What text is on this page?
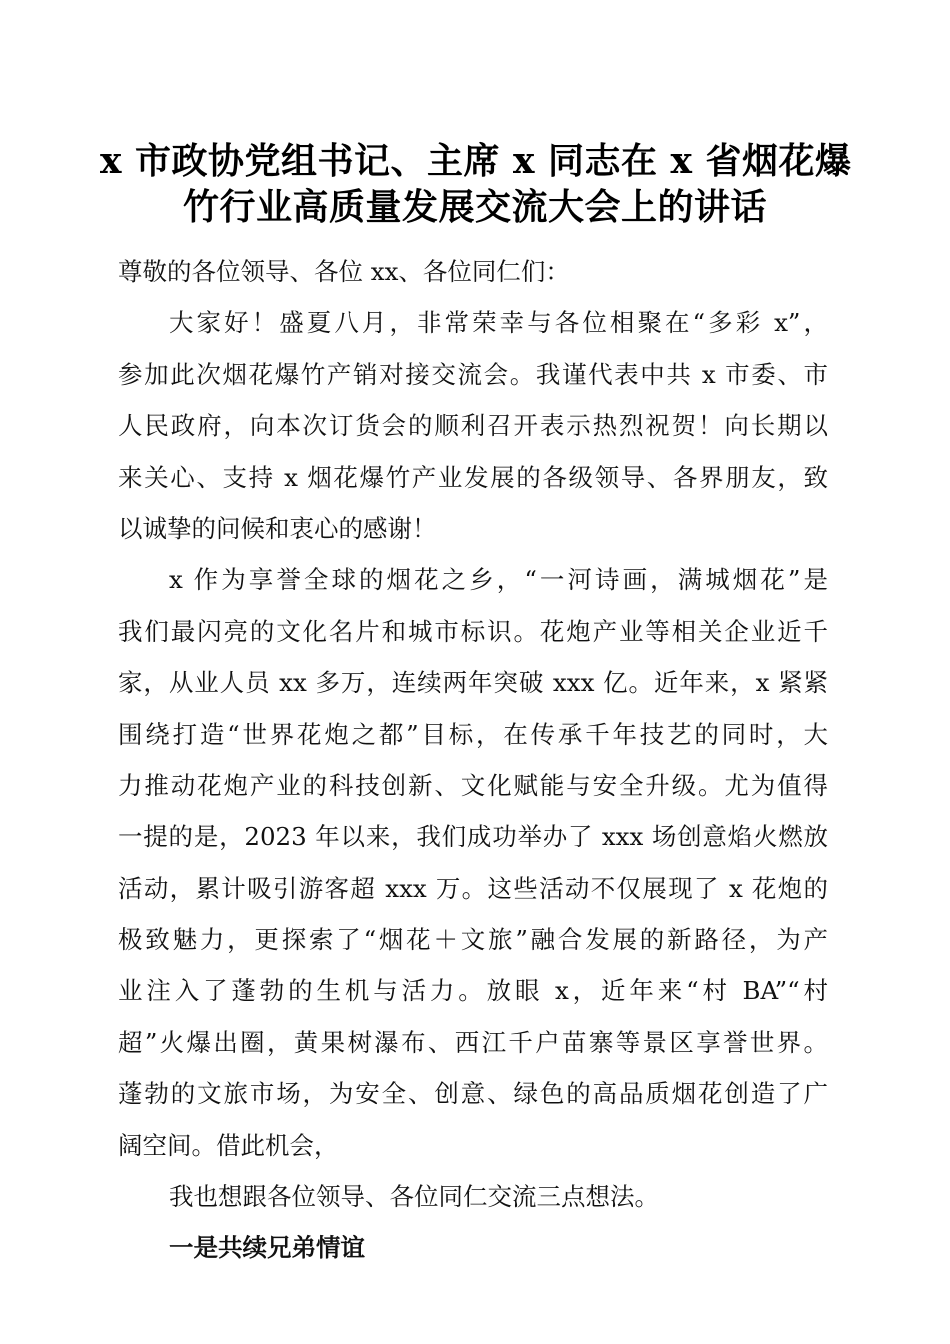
x 市政协党组书记、主席 x 同志在 x 省烟花爆
竹行业高质量发展交流大会上的讲话
尊敬的各位领导、各位 xx、各位同仁们：
大家好！盛夏八月，非常荣幸与各位相聚在“多彩 x”，
参加此次烟花爆竹产销对接交流会。我谨代表中共 x 市委、市
人民政府，向本次订货会的顺利召开表示热烈祝贺！向长期以
来关心、支持 x 烟花爆竹产业发展的各级领导、各界朋友，致
以诚挚的问候和衷心的感谢！
x 作为享誉全球的烟花之乡，“一河诗画，满城烟花”是
我们最闪亮的文化名片和城市标识。花炮产业等相关企业近千
家，从业人员 xx 多万，连续两年突破 xxx 亿。近年来，x 紧紧
围绕打造“世界花炮之都”目标，在传承千年技艺的同时，大
力推动花炮产业的科技创新、文化赋能与安全升级。尤为值得
一提的是，2023 年以来，我们成功举办了 xxx 场创意焰火燃放
活动，累计吸引游客超 xxx 万。这些活动不仅展现了 x 花炮的
极致魅力，更探索了“烟花＋文旅”融合发展的新路径，为产
业注入了蓬勃的生机与活力。放眼 x，近年来“村 BA”“村
超”火爆出圈，黄果树瀑布、西江千户苗寨等景区享誉世界。
蓬勃的文旅市场，为安全、创意、绿色的高品质烟花创造了广
阔空间。借此机会，
我也想跟各位领导、各位同仁交流三点想法。
一是共续兄弟情谊
